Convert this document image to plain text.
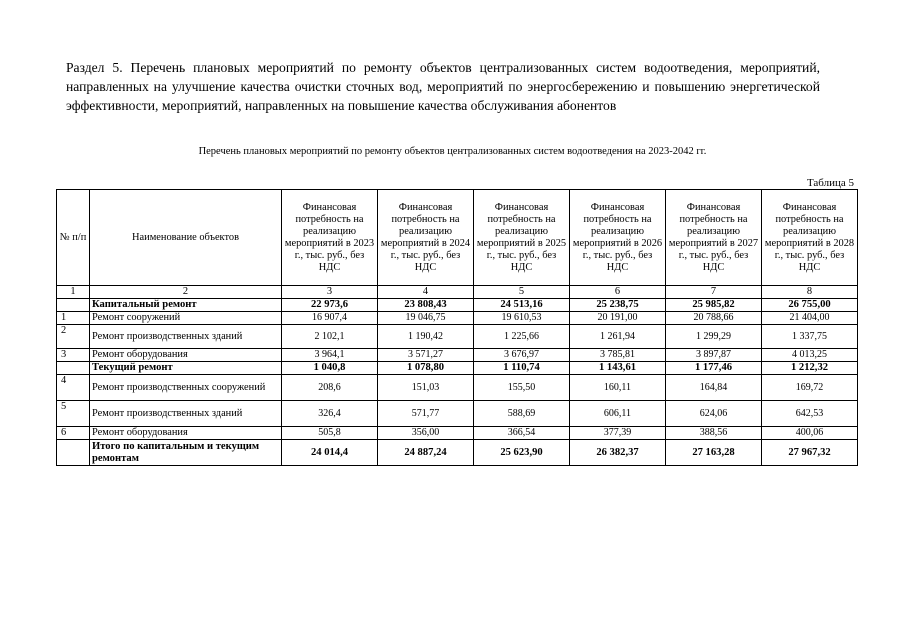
Раздел 5. Перечень плановых мероприятий по ремонту объектов централизованных систем водоотведения, мероприятий, направленных на улучшение качества очистки сточных вод, мероприятий по энергосбережению и повышению энергетической эффективности, мероприятий, направленных на повышение качества обслуживания абонентов
Перечень плановых мероприятий по ремонту объектов централизованных систем водоотведения на 2023-2042 гг.
Таблица 5
№ п/п	Наименование объектов	Финансовая потребность на реализацию мероприятий в 2023 г., тыс. руб., без НДС	Финансовая потребность на реализацию мероприятий в 2024 г., тыс. руб., без НДС	Финансовая потребность на реализацию мероприятий в 2025 г., тыс. руб., без НДС	Финансовая потребность на реализацию мероприятий в 2026 г., тыс. руб., без НДС	Финансовая потребность на реализацию мероприятий в 2027 г., тыс. руб., без НДС	Финансовая потребность на реализацию мероприятий в 2028 г., тыс. руб., без НДС
1	2	3	4	5	6	7	8
	Капитальный ремонт	22 973,6	23 808,43	24 513,16	25 238,75	25 985,82	26 755,00
1	Ремонт сооружений	16 907,4	19 046,75	19 610,53	20 191,00	20 788,66	21 404,00
2	Ремонт производственных зданий	2 102,1	1 190,42	1 225,66	1 261,94	1 299,29	1 337,75
3	Ремонт оборудования	3 964,1	3 571,27	3 676,97	3 785,81	3 897,87	4 013,25
	Текущий ремонт	1 040,8	1 078,80	1 110,74	1 143,61	1 177,46	1 212,32
4	Ремонт производственных сооружений	208,6	151,03	155,50	160,11	164,84	169,72
5	Ремонт производственных зданий	326,4	571,77	588,69	606,11	624,06	642,53
6	Ремонт оборудования	505,8	356,00	366,54	377,39	388,56	400,06
	Итого по капитальным и текущим ремонтам	24 014,4	24 887,24	25 623,90	26 382,37	27 163,28	27 967,32
